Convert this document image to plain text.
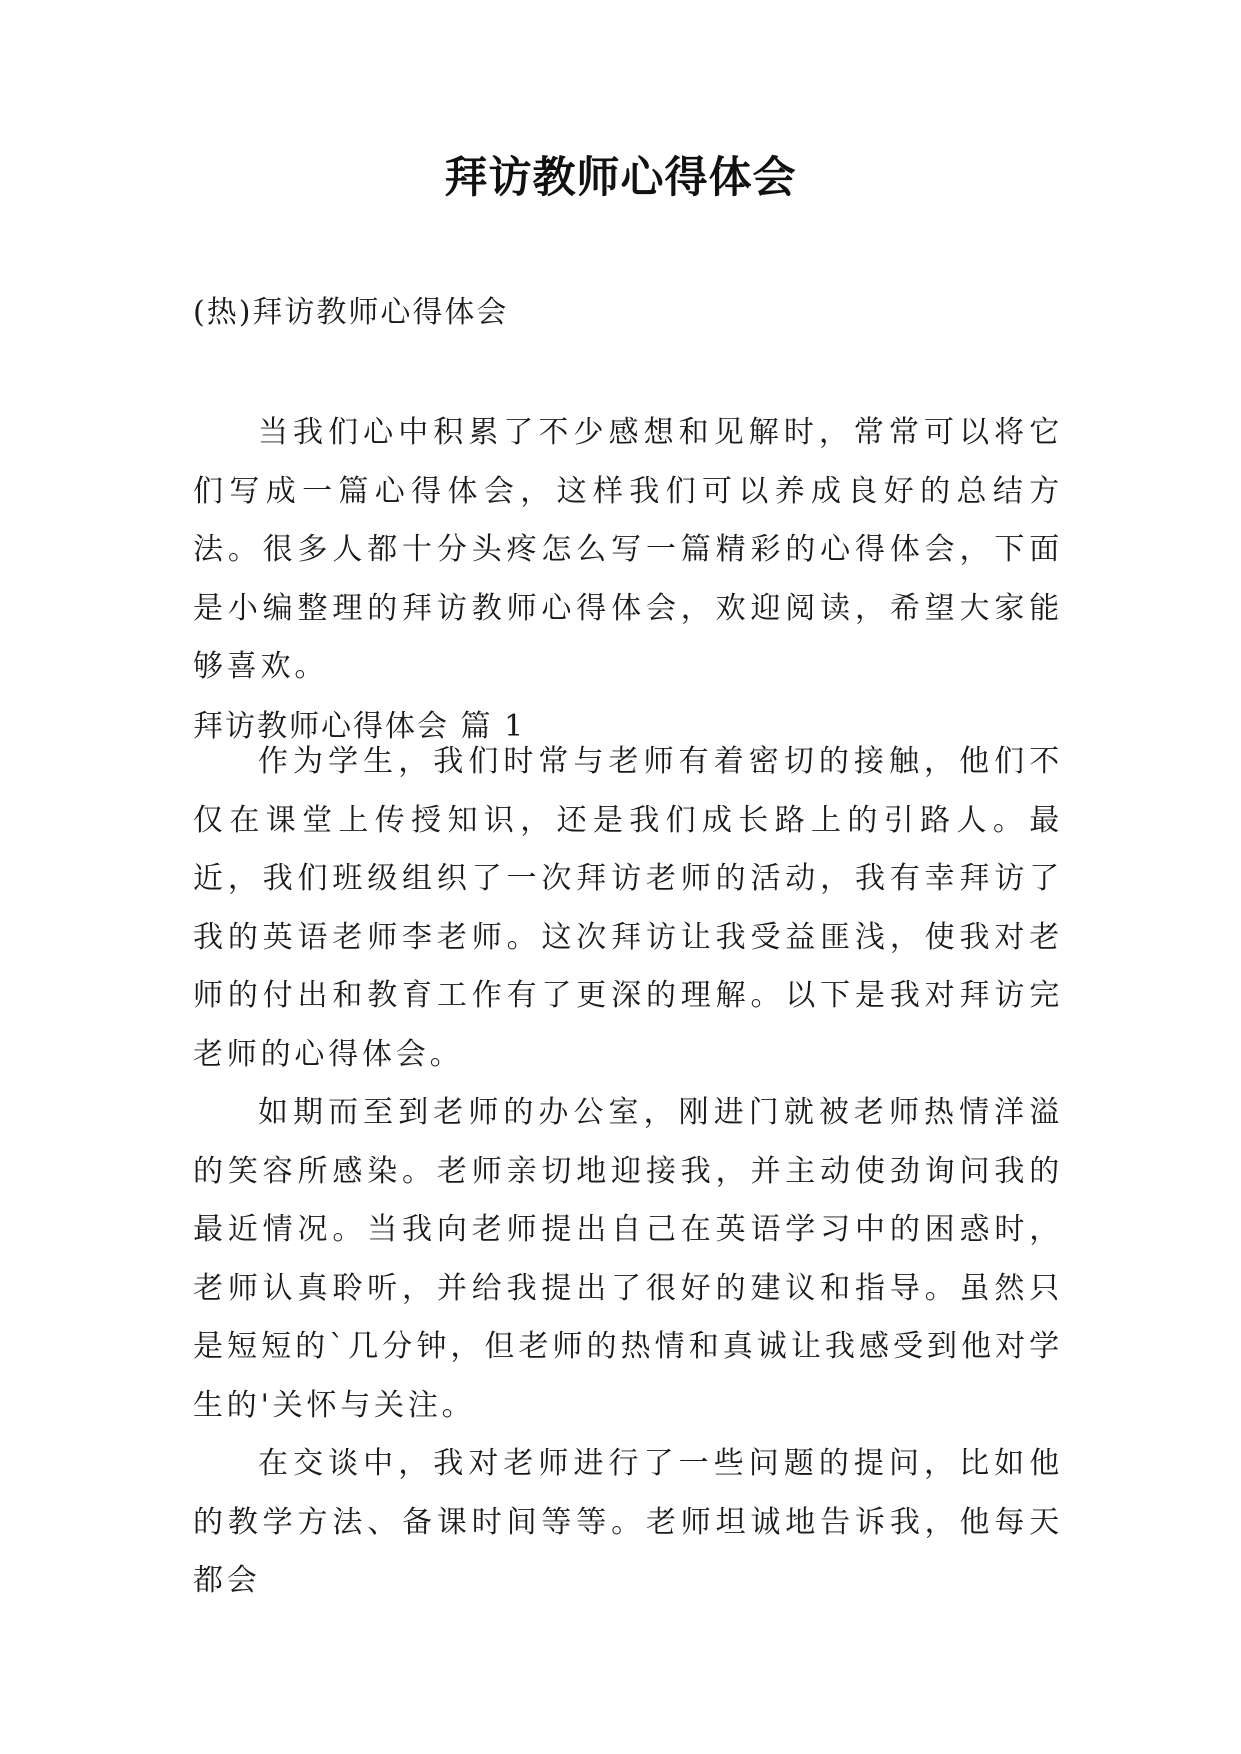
拜访教师心得体会
(热)拜访教师心得体会

当我们心中积累了不少感想和见解时，常常可以将它们写成一篇心得体会，这样我们可以养成良好的总结方法。很多人都十分头疼怎么写一篇精彩的心得体会，下面是小编整理的拜访教师心得体会，欢迎阅读，希望大家能够喜欢。

拜访教师心得体会 篇 1

作为学生，我们时常与老师有着密切的接触，他们不仅在课堂上传授知识，还是我们成长路上的引路人。最近，我们班级组织了一次拜访老师的活动，我有幸拜访了我的英语老师李老师。这次拜访让我受益匪浅，使我对老师的付出和教育工作有了更深的理解。以下是我对拜访完老师的心得体会。

如期而至到老师的办公室，刚进门就被老师热情洋溢的笑容所感染。老师亲切地迎接我，并主动使劲询问我的最近情况。当我向老师提出自己在英语学习中的困惑时，老师认真聆听，并给我提出了很好的建议和指导。虽然只是短短的`几分钟，但老师的热情和真诚让我感受到他对学生的'关怀与关注。

在交谈中，我对老师进行了一些问题的提问，比如他的教学方法、备课时间等等。老师坦诚地告诉我，他每天都会
